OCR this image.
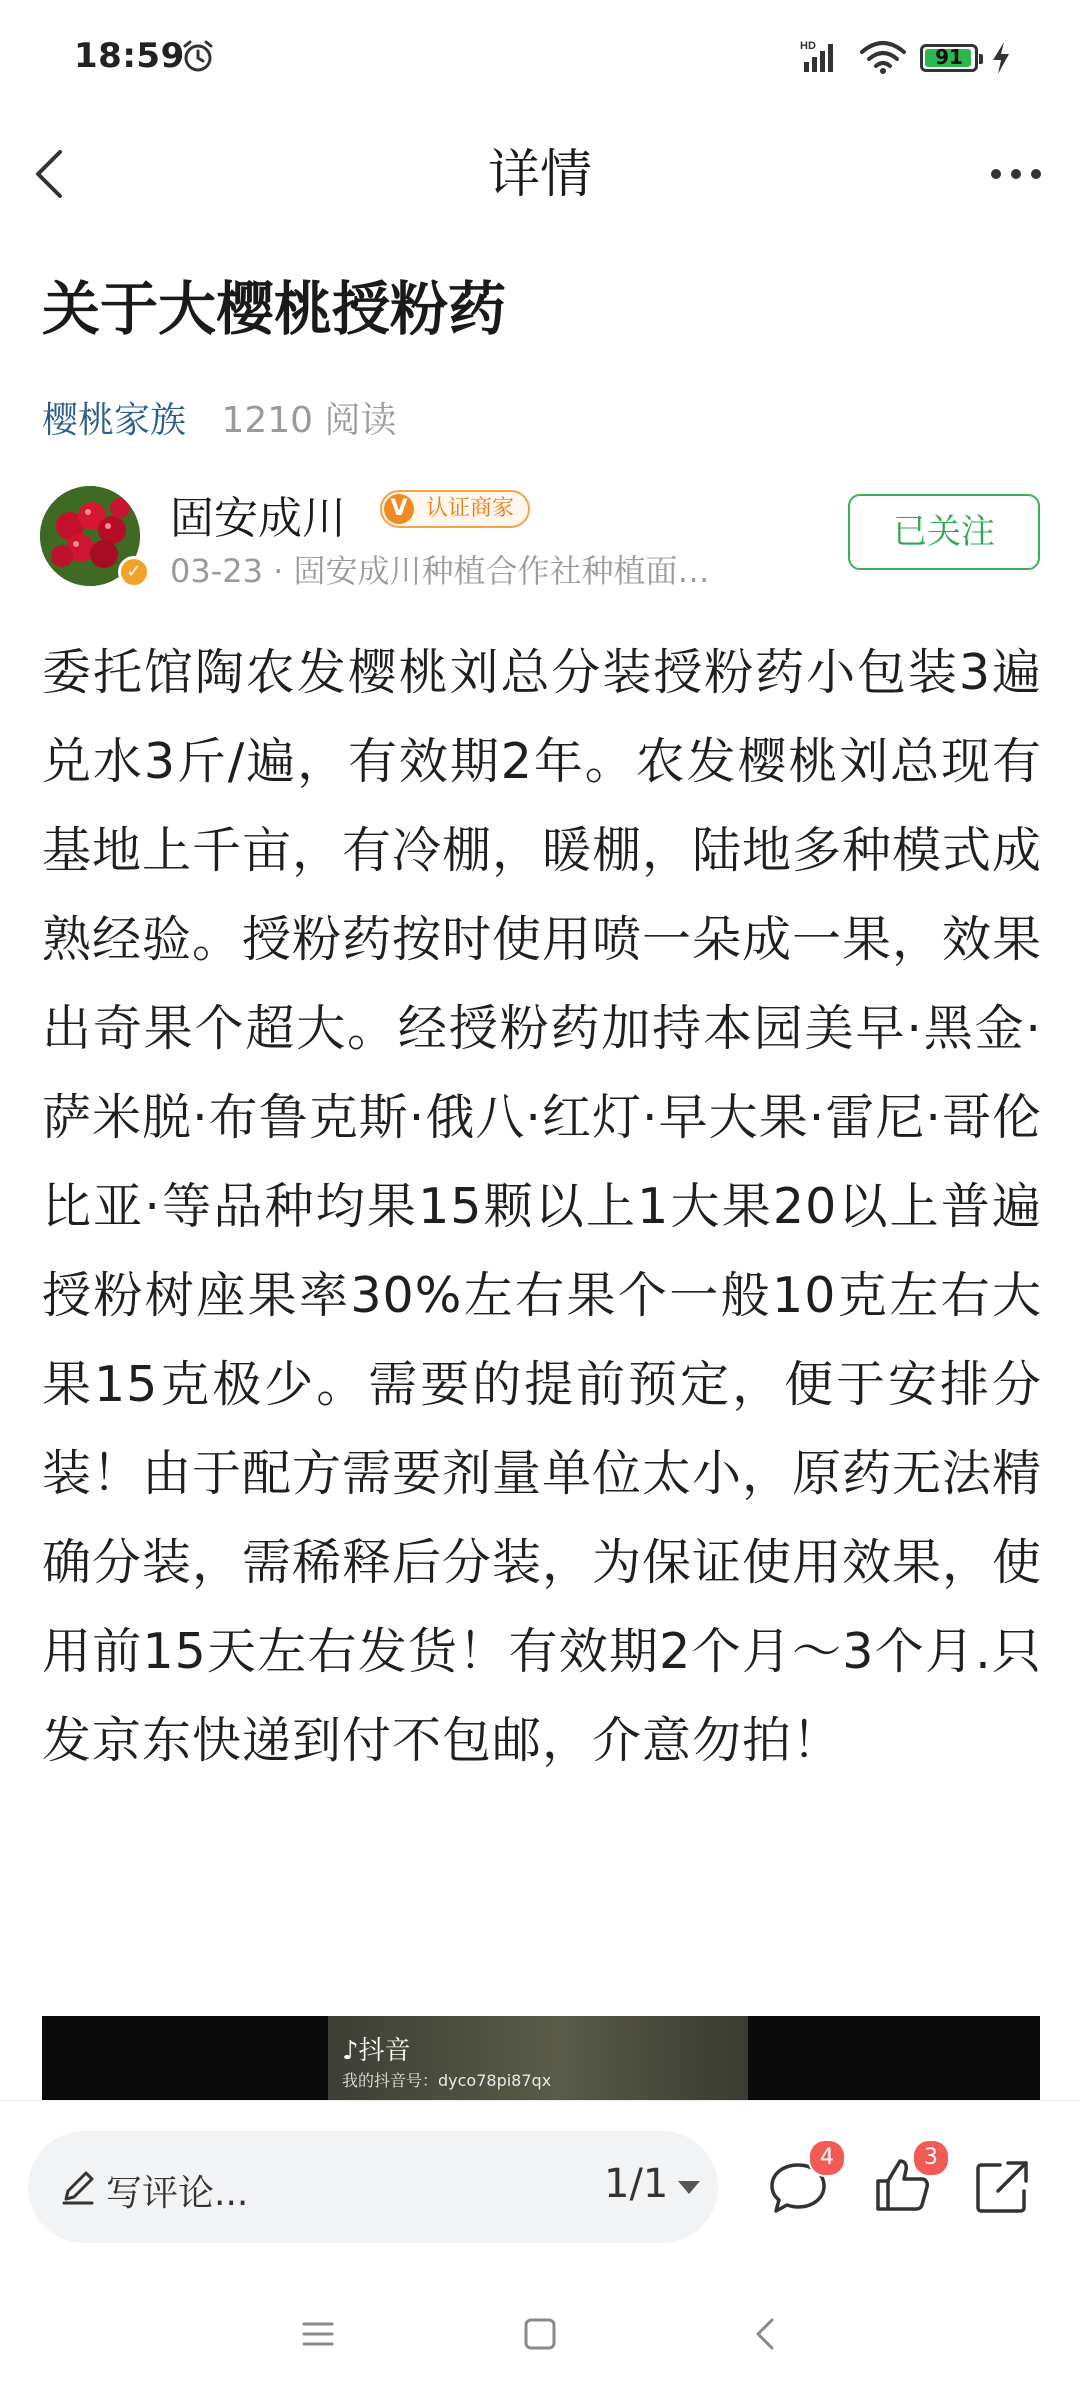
18:59	HD	91
详情
关于大樱桃授粉药
樱桃家族 1210 阅读
✓
固安成川 V 认证商家
03-23 · 固安成川种植合作社种植面…
已关注
委托馆陶农发樱桃刘总分装授粉药小包装3遍兑水3斤/遍，有效期2年。农发樱桃刘总现有基地上千亩，有冷棚，暖棚，陆地多种模式成熟经验。授粉药按时使用喷一朵成一果，效果出奇果个超大。经授粉药加持本园美早·黑金·萨米脱·布鲁克斯·俄八·红灯·早大果·雷尼·哥伦比亚·等品种均果15颗以上1大果20以上普遍授粉树座果率30%左右果个一般10克左右大果15克极少。需要的提前预定，便于安排分装！由于配方需要剂量单位太小，原药无法精确分装，需稀释后分装，为保证使用效果，使用前15天左右发货！有效期2个月～3个月.只发京东快递到付不包邮，介意勿拍！
♪抖音
我的抖音号：dyco78pi87qx
写评论...	1/1
4	3
